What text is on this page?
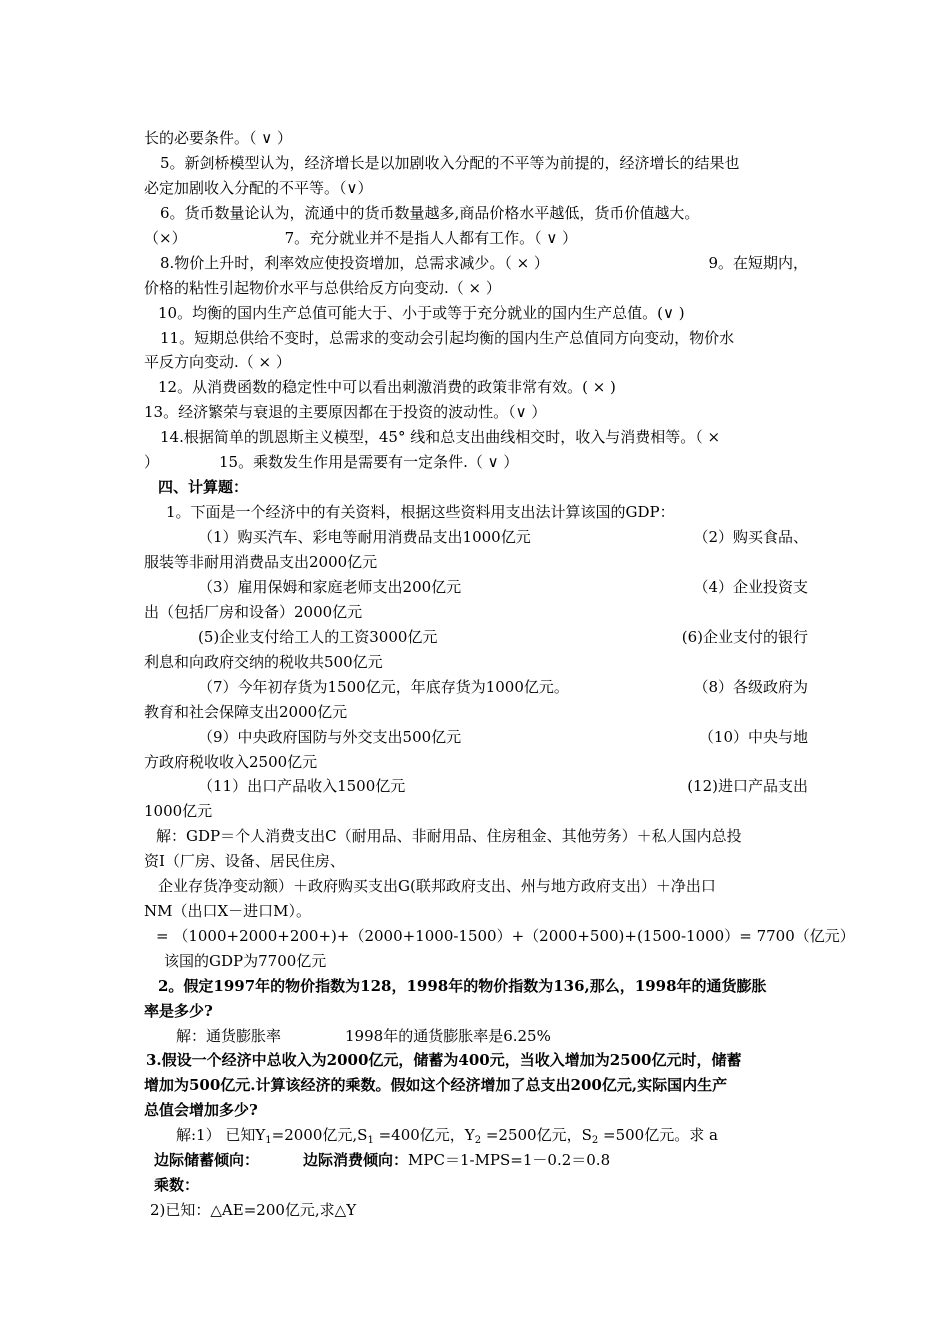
长的必要条件。（ ∨ ）

5。新剑桥模型认为，经济增长是以加剧收入分配的不平等为前提的，经济增长的结果也

必定加剧收入分配的不平等。（∨）

6。货币数量论认为，流通中的货币数量越多,商品价格水平越低，货币价值越大。

（×）	7。充分就业并不是指人人都有工作。（ ∨ ）

8.物价上升时，利率效应使投资增加，总需求减少。（ × ）	9。在短期内，

价格的粘性引起物价水平与总供给反方向变动.（ × ）

10。均衡的国内生产总值可能大于、小于或等于充分就业的国内生产总值。(∨ )

11。短期总供给不变时，总需求的变动会引起均衡的国内生产总值同方向变动，物价水

平反方向变动.（ × ）

12。从消费函数的稳定性中可以看出刺激消费的政策非常有效。( × )

13。经济繁荣与衰退的主要原因都在于投资的波动性。（∨ ）

14.根据简单的凯恩斯主义模型，45° 线和总支出曲线相交时，收入与消费相等。（ ×

）	15。乘数发生作用是需要有一定条件.（ ∨ ）

四、计算题：

1。下面是一个经济中的有关资料，根据这些资料用支出法计算该国的GDP：

（1）购买汽车、彩电等耐用消费品支出1000亿元	（2）购买食品、

服装等非耐用消费品支出2000亿元

（3）雇用保姆和家庭老师支出200亿元	（4）企业投资支

出（包括厂房和设备）2000亿元

(5)企业支付给工人的工资3000亿元	(6)企业支付的银行

利息和向政府交纳的税收共500亿元

（7）今年初存货为1500亿元，年底存货为1000亿元。	（8）各级政府为

教育和社会保障支出2000亿元

（9）中央政府国防与外交支出500亿元	（10）中央与地

方政府税收收入2500亿元

（11）出口产品收入1500亿元	(12)进口产品支出

1000亿元

解：GDP＝个人消费支出C（耐用品、非耐用品、住房租金、其他劳务）＋私人国内总投

资I（厂房、设备、居民住房、

企业存货净变动额）＋政府购买支出G(联邦政府支出、州与地方政府支出）＋净出口

NM（出口X－进口M）。

= （1000+2000+200+)+（2000+1000-1500）+（2000+500)+(1500-1000）= 7700（亿元）

该国的GDP为7700亿元

2。假定1997年的物价指数为128，1998年的物价指数为136,那么，1998年的通货膨胀

率是多少?

解：通货膨胀率	1998年的通货膨胀率是6.25%

3.假设一个经济中总收入为2000亿元，储蓄为400元，当收入增加为2500亿元时，储蓄

增加为500亿元.计算该经济的乘数。假如这个经济增加了总支出200亿元,实际国内生产

总值会增加多少?

解:1） 已知$Y_1=2000$亿元$,S_1 =400$亿元，$Y_2 =2500$亿元，$S_2 =500$亿元。求 a

边际储蓄倾向：	边际消费倾向：MPC＝1-MPS=1－0.2＝0.8

乘数：

2)已知：△AE=200亿元,求△Y
